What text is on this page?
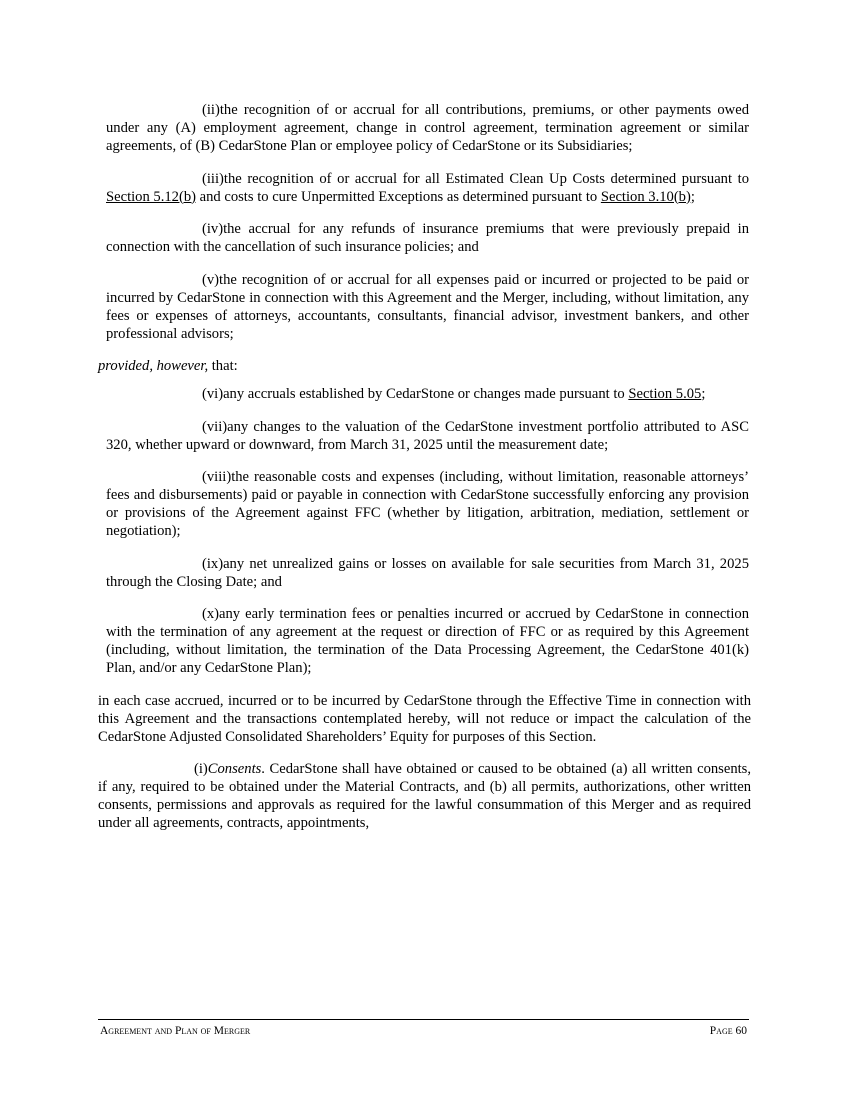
(ii)the recognition of or accrual for all contributions, premiums, or other payments owed under any (A) employment agreement, change in control agreement, termination agreement or similar agreements, of (B) CedarStone Plan or employee policy of CedarStone or its Subsidiaries;

(iii)the recognition of or accrual for all Estimated Clean Up Costs determined pursuant to Section 5.12(b) and costs to cure Unpermitted Exceptions as determined pursuant to Section 3.10(b);

(iv)the accrual for any refunds of insurance premiums that were previously prepaid in connection with the cancellation of such insurance policies; and

(v)the recognition of or accrual for all expenses paid or incurred or projected to be paid or incurred by CedarStone in connection with this Agreement and the Merger, including, without limitation, any fees or expenses of attorneys, accountants, consultants, financial advisor, investment bankers, and other professional advisors;

provided, however, that:

(vi)any accruals established by CedarStone or changes made pursuant to Section 5.05;

(vii)any changes to the valuation of the CedarStone investment portfolio attributed to ASC 320, whether upward or downward, from March 31, 2025 until the measurement date;

(viii)the reasonable costs and expenses (including, without limitation, reasonable attorneys’ fees and disbursements) paid or payable in connection with CedarStone successfully enforcing any provision or provisions of the Agreement against FFC (whether by litigation, arbitration, mediation, settlement or negotiation);

(ix)any net unrealized gains or losses on available for sale securities from March 31, 2025 through the Closing Date; and

(x)any early termination fees or penalties incurred or accrued by CedarStone in connection with the termination of any agreement at the request or direction of FFC or as required by this Agreement (including, without limitation, the termination of the Data Processing Agreement, the CedarStone 401(k) Plan, and/or any CedarStone Plan);

in each case accrued, incurred or to be incurred by CedarStone through the Effective Time in connection with this Agreement and the transactions contemplated hereby, will not reduce or impact the calculation of the CedarStone Adjusted Consolidated Shareholders’ Equity for purposes of this Section.

(i)Consents. CedarStone shall have obtained or caused to be obtained (a) all written consents, if any, required to be obtained under the Material Contracts, and (b) all permits, authorizations, other written consents, permissions and approvals as required for the lawful consummation of this Merger and as required under all agreements, contracts, appointments,

Agreement and Plan of Merger	Page 60
